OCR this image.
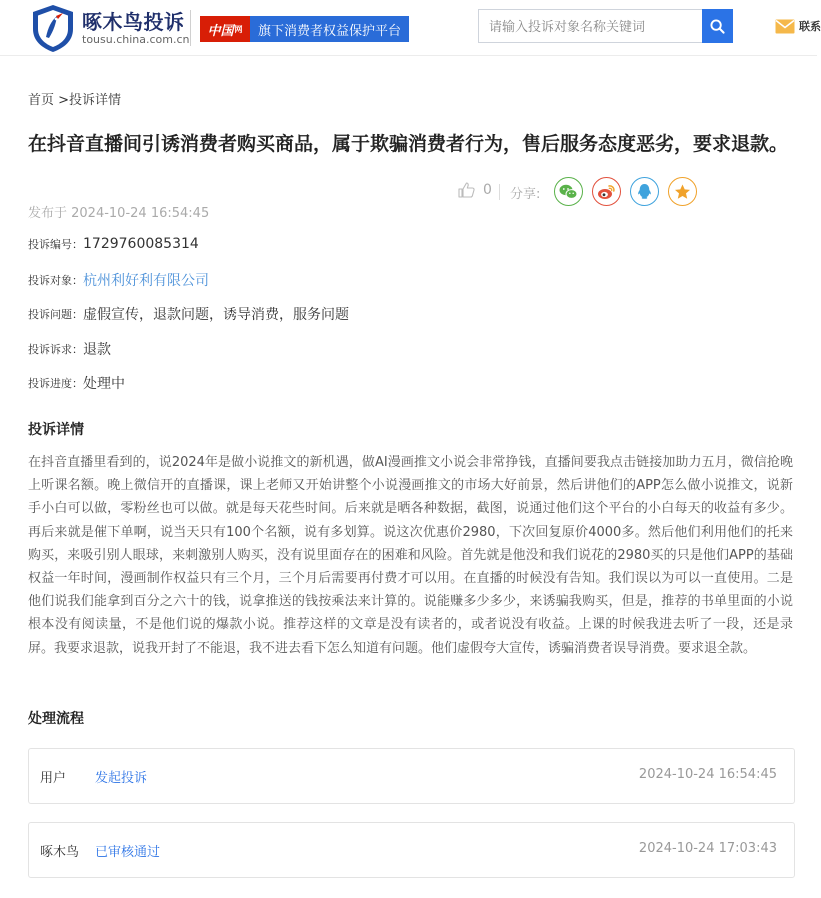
啄木鸟投诉
tousu.china.com.cn
中国 网	旗下消费者权益保护平台
请输入投诉对象名称关键词	联系
首页 >投诉详情
在抖音直播间引诱消费者购买商品，属于欺骗消费者行为，售后服务态度恶劣，要求退款。
0 分享:
发布于 2024-10-24 16:54:45
投诉编号： 1729760085314
投诉对象： 杭州利好利有限公司
投诉问题： 虚假宣传，退款问题，诱导消费，服务问题
投诉诉求： 退款
投诉进度： 处理中
投诉详情

在抖音直播里看到的，说2024年是做小说推文的新机遇，做AI漫画推文小说会非常挣钱，直播间要我点击链接加助力五月，微信抢晚上听课名额。晚上微信开的直播课，课上老师又开始讲整个小说漫画推文的市场大好前景，然后讲他们的APP怎么做小说推文，说新手小白可以做，零粉丝也可以做。就是每天花些时间。后来就是晒各种数据，截图，说通过他们这个平台的小白每天的收益有多少。再后来就是催下单啊，说当天只有100个名额，说有多划算。说这次优惠价2980，下次回复原价4000多。然后他们利用他们的托来购买，来吸引别人眼球，来刺激别人购买，没有说里面存在的困难和风险。首先就是他没和我们说花的2980买的只是他们APP的基础权益一年时间，漫画制作权益只有三个月，三个月后需要再付费才可以用。在直播的时候没有告知。我们误以为可以一直使用。二是他们说我们能拿到百分之六十的钱，说拿推送的钱按乘法来计算的。说能赚多少多少，来诱骗我购买，但是，推荐的书单里面的小说根本没有阅读量，不是他们说的爆款小说。推荐这样的文章是没有读者的，或者说没有收益。上课的时候我进去听了一段，还是录屏。我要求退款，说我开封了不能退，我不进去看下怎么知道有问题。他们虚假夸大宣传，诱骗消费者误导消费。要求退全款。

处理流程
用户 发起投诉	2024-10-24 16:54:45
啄木鸟 已审核通过	2024-10-24 17:03:43
